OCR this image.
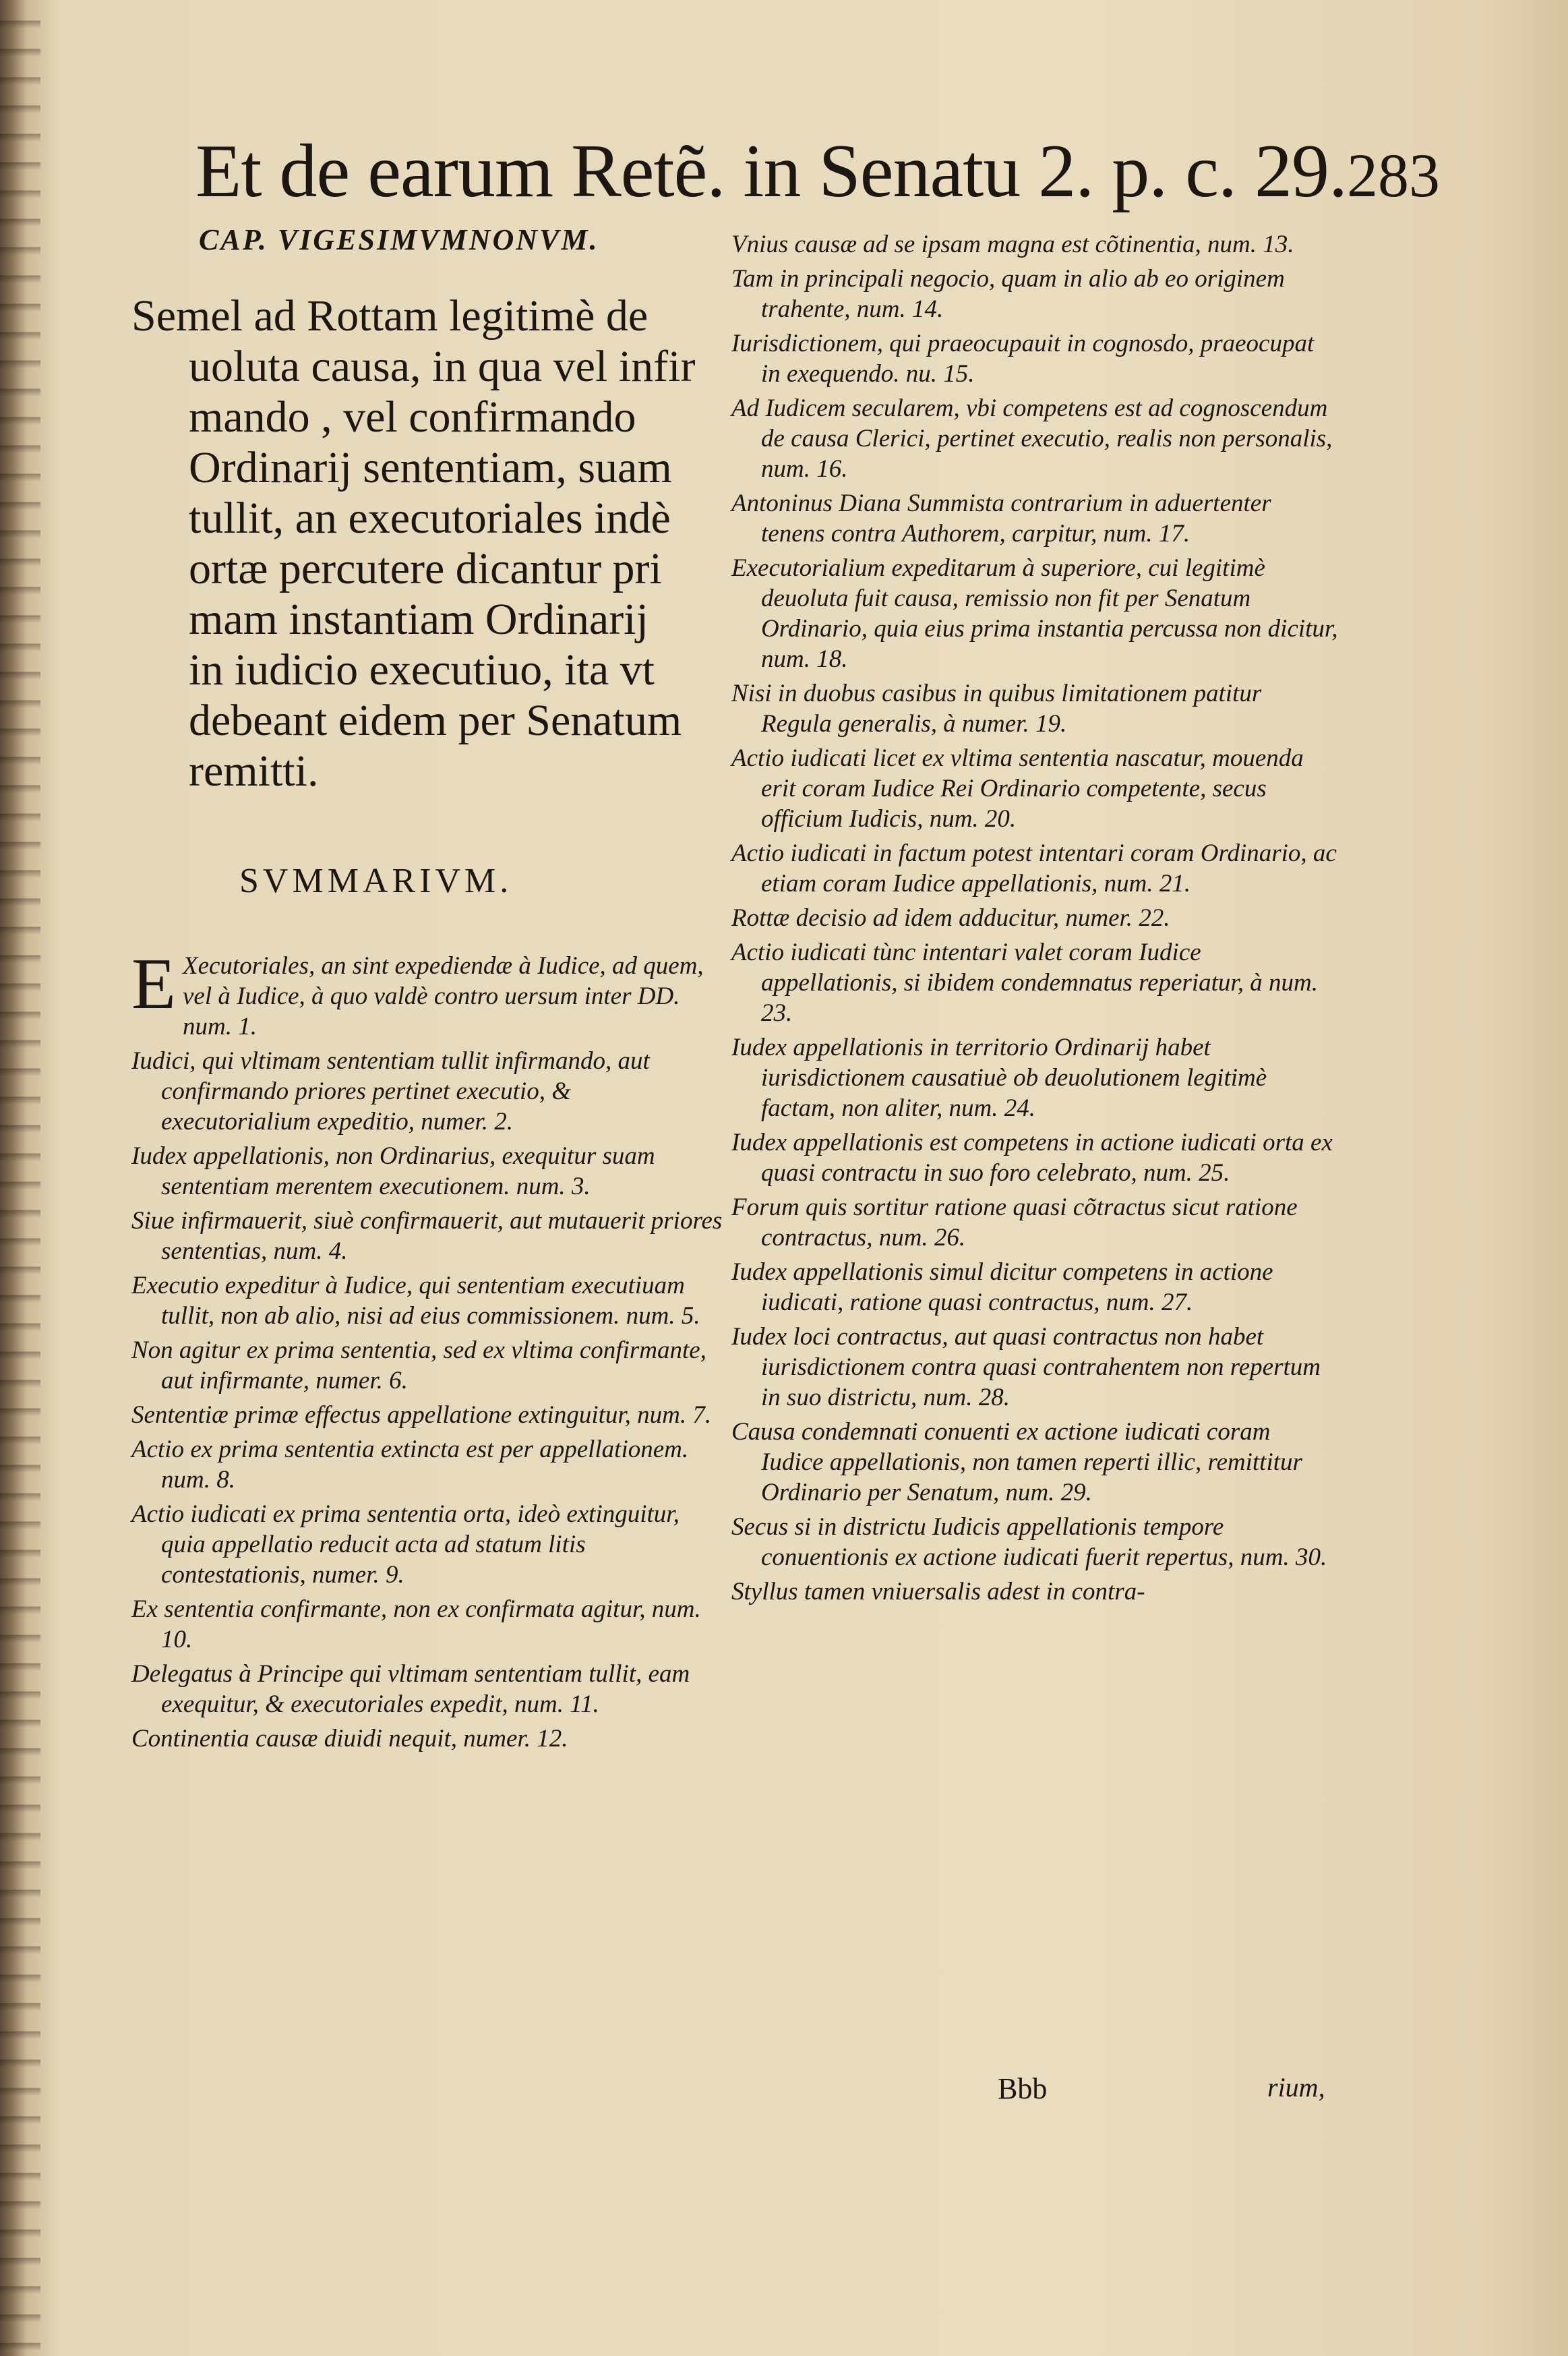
Et de earum Retẽ. in Senatu 2. p. c. 29. 283
CAP. VIGESIMVMNONVM.

Semel ad Rottam legitimè de

uoluta causa, in qua vel infir

mando , vel confirmando

Ordinarij sententiam, suam

tullit, an executoriales indè

ortæ percutere dicantur pri

mam instantiam Ordinarij

in iudicio executiuo, ita vt

debeant eidem per Senatum

remitti.

SVMMARIVM.
E Xecutoriales, an sint expediendæ à Iudice, ad quem, vel à Iudice, à quo valdè contro uersum inter DD. num. 1.
Iudici, qui vltimam sententiam tullit infirmando, aut confirmando priores pertinet executio, & executorialium expeditio, numer. 2.
Iudex appellationis, non Ordinarius, exequitur suam sententiam merentem executionem. num. 3.
Siue infirmauerit, siuè confirmauerit, aut mutauerit priores sententias, num. 4.
Executio expeditur à Iudice, qui sententiam executiuam tullit, non ab alio, nisi ad eius commissionem. num. 5.
Non agitur ex prima sententia, sed ex vltima confirmante, aut infirmante, numer. 6.
Sententiæ primæ effectus appellatione extinguitur, num. 7.
Actio ex prima sententia extincta est per appellationem. num. 8.
Actio iudicati ex prima sententia orta, ideò extinguitur, quia appellatio reducit acta ad statum litis contestationis, numer. 9.
Ex sententia confirmante, non ex confirmata agitur, num. 10.
Delegatus à Principe qui vltimam sententiam tullit, eam exequitur, & executoriales expedit, num. 11.
Continentia causæ diuidi nequit, numer. 12.
Vnius causæ ad se ipsam magna est cõtinentia, num. 13.
Tam in principali negocio, quam in alio ab eo originem trahente, num. 14.
Iurisdictionem, qui praeocupauit in cognosdo, praeocupat in exequendo. nu. 15.
Ad Iudicem secularem, vbi competens est ad cognoscendum de causa Clerici, pertinet executio, realis non personalis, num. 16.
Antoninus Diana Summista contrarium in aduertenter tenens contra Authorem, carpitur, num. 17.
Executorialium expeditarum à superiore, cui legitimè deuoluta fuit causa, remissio non fit per Senatum Ordinario, quia eius prima instantia percussa non dicitur, num. 18.
Nisi in duobus casibus in quibus limitationem patitur Regula generalis, à numer. 19.
Actio iudicati licet ex vltima sententia nascatur, mouenda erit coram Iudice Rei Ordinario competente, secus officium Iudicis, num. 20.
Actio iudicati in factum potest intentari coram Ordinario, ac etiam coram Iudice appellationis, num. 21.
Rottæ decisio ad idem adducitur, numer. 22.
Actio iudicati tùnc intentari valet coram Iudice appellationis, si ibidem condemnatus reperiatur, à num. 23.
Iudex appellationis in territorio Ordinarij habet iurisdictionem causatiuè ob deuolutionem legitimè factam, non aliter, num. 24.
Iudex appellationis est competens in actione iudicati orta ex quasi contractu in suo foro celebrato, num. 25.
Forum quis sortitur ratione quasi cõtractus sicut ratione contractus, num. 26.
Iudex appellationis simul dicitur competens in actione iudicati, ratione quasi contractus, num. 27.
Iudex loci contractus, aut quasi contractus non habet iurisdictionem contra quasi contrahentem non repertum in suo districtu, num. 28.
Causa condemnati conuenti ex actione iudicati coram Iudice appellationis, non tamen reperti illic, remittitur Ordinario per Senatum, num. 29.
Secus si in districtu Iudicis appellationis tempore conuentionis ex actione iudicati fuerit repertus, num. 30.
Styllus tamen vniuersalis adest in contra-
Bbb	rium,
